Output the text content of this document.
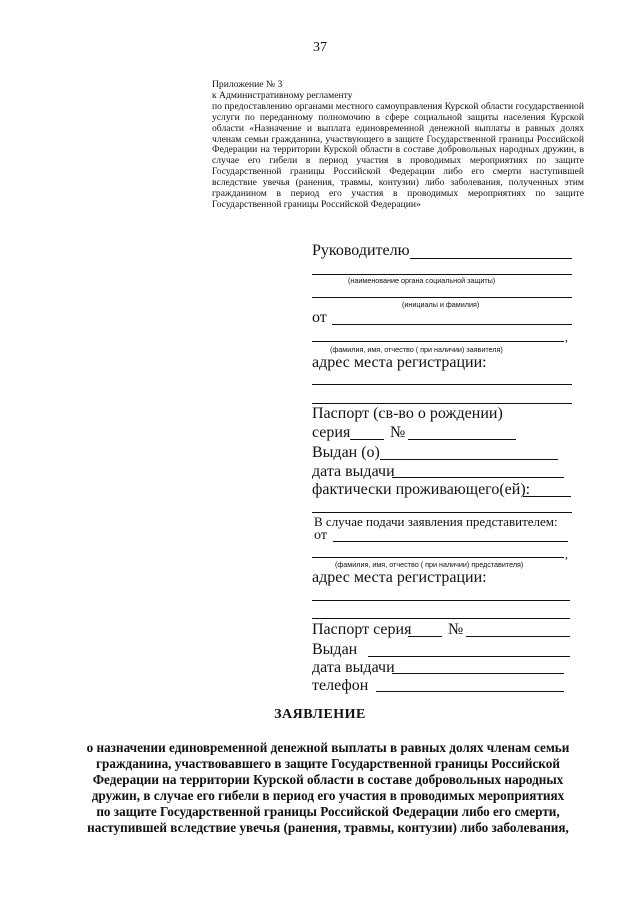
37
Приложение № 3
к Административному регламенту
по предоставлению органами местного самоуправления Курской области государственной услуги по переданному полномочию в сфере социальной защиты населения Курской области «Назначение и выплата единовременной денежной выплаты в равных долях членам семьи гражданина, участвующего в защите Государственной границы Российской Федерации на территории Курской области в составе добровольных народных дружин, в случае его гибели в период участия в проводимых мероприятиях по защите Государственной границы Российской Федерации либо его смерти наступившей вследствие увечья (ранения, травмы, контузии) либо заболевания, полученных этим гражданином в период его участия в проводимых мероприятиях по защите Государственной границы Российской Федерации»
Руководителю
(наименование органа социальной защиты)
(инициалы и фамилия)
от
,
(фамилия, имя, отчество ( при наличии) заявителя)
адрес места регистрации:
Паспорт (св-во о рождении)
серия №
Выдан (о)
дата выдачи
фактически проживающего(ей):
В случае подачи заявления представителем:
от
,
(фамилия, имя, отчество ( при наличии) представителя)
адрес места регистрации:
Паспорт серия №
Выдан
дата выдачи
телефон
ЗАЯВЛЕНИЕ
о назначении единовременной денежной выплаты в равных долях членам семьи гражданина, участвовавшего в защите Государственной границы Российской Федерации на территории Курской области в составе добровольных народных дружин, в случае его гибели в период его участия в проводимых мероприятиях по защите Государственной границы Российской Федерации либо его смерти, наступившей вследствие увечья (ранения, травмы, контузии) либо заболевания,
